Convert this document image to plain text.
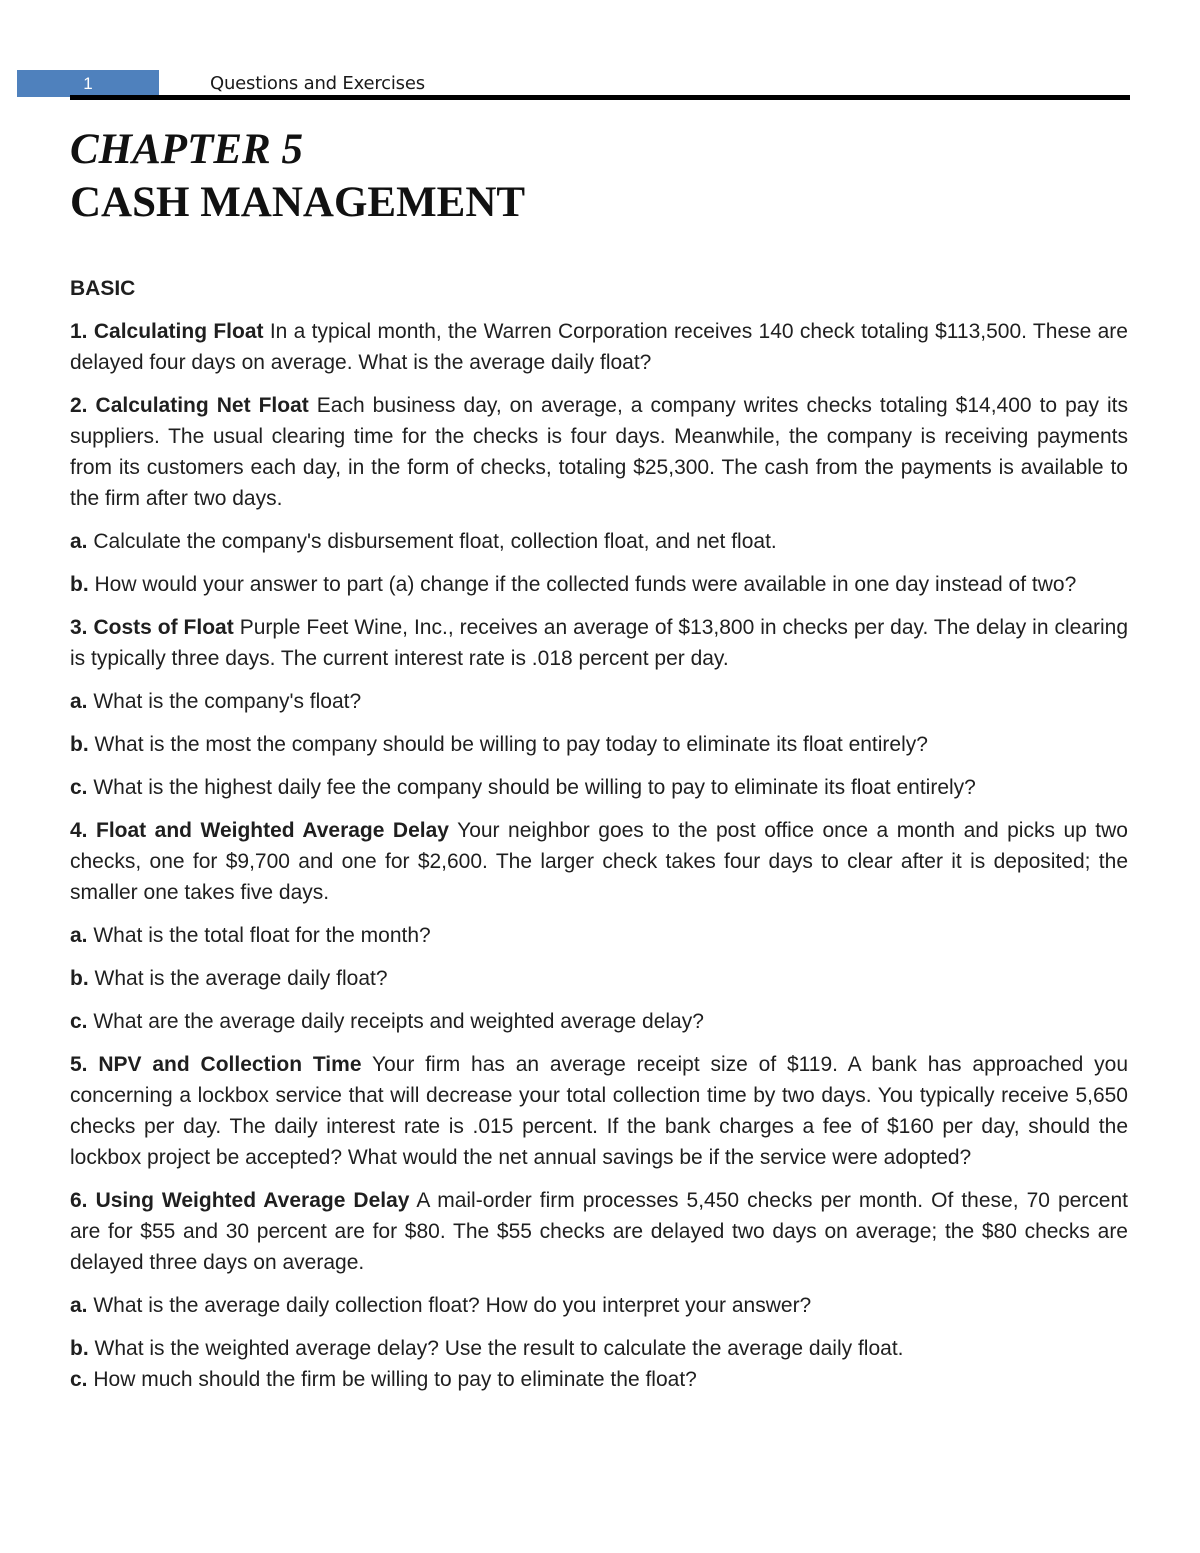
1	Questions and Exercises
CHAPTER 5
CASH MANAGEMENT
BASIC

1. Calculating Float In a typical month, the Warren Corporation receives 140 check totaling $113,500. These are delayed four days on average. What is the average daily float?

2. Calculating Net Float Each business day, on average, a company writes checks totaling $14,400 to pay its suppliers. The usual clearing time for the checks is four days. Meanwhile, the company is receiving payments from its customers each day, in the form of checks, totaling $25,300. The cash from the payments is available to the firm after two days.

a. Calculate the company's disbursement float, collection float, and net float.

b. How would your answer to part (a) change if the collected funds were available in one day instead of two?

3. Costs of Float Purple Feet Wine, Inc., receives an average of $13,800 in checks per day. The delay in clearing is typically three days. The current interest rate is .018 percent per day.

a. What is the company's float?

b. What is the most the company should be willing to pay today to eliminate its float entirely?

c. What is the highest daily fee the company should be willing to pay to eliminate its float entirely?

4. Float and Weighted Average Delay Your neighbor goes to the post office once a month and picks up two checks, one for $9,700 and one for $2,600. The larger check takes four days to clear after it is deposited; the smaller one takes five days.

a. What is the total float for the month?

b. What is the average daily float?

c. What are the average daily receipts and weighted average delay?

5. NPV and Collection Time Your firm has an average receipt size of $119. A bank has approached you concerning a lockbox service that will decrease your total collection time by two days. You typically receive 5,650 checks per day. The daily interest rate is .015 percent. If the bank charges a fee of $160 per day, should the lockbox project be accepted? What would the net annual savings be if the service were adopted?

6. Using Weighted Average Delay A mail-order firm processes 5,450 checks per month. Of these, 70 percent are for $55 and 30 percent are for $80. The $55 checks are delayed two days on average; the $80 checks are delayed three days on average.

a. What is the average daily collection float? How do you interpret your answer?

b. What is the weighted average delay? Use the result to calculate the average daily float.

c. How much should the firm be willing to pay to eliminate the float?
